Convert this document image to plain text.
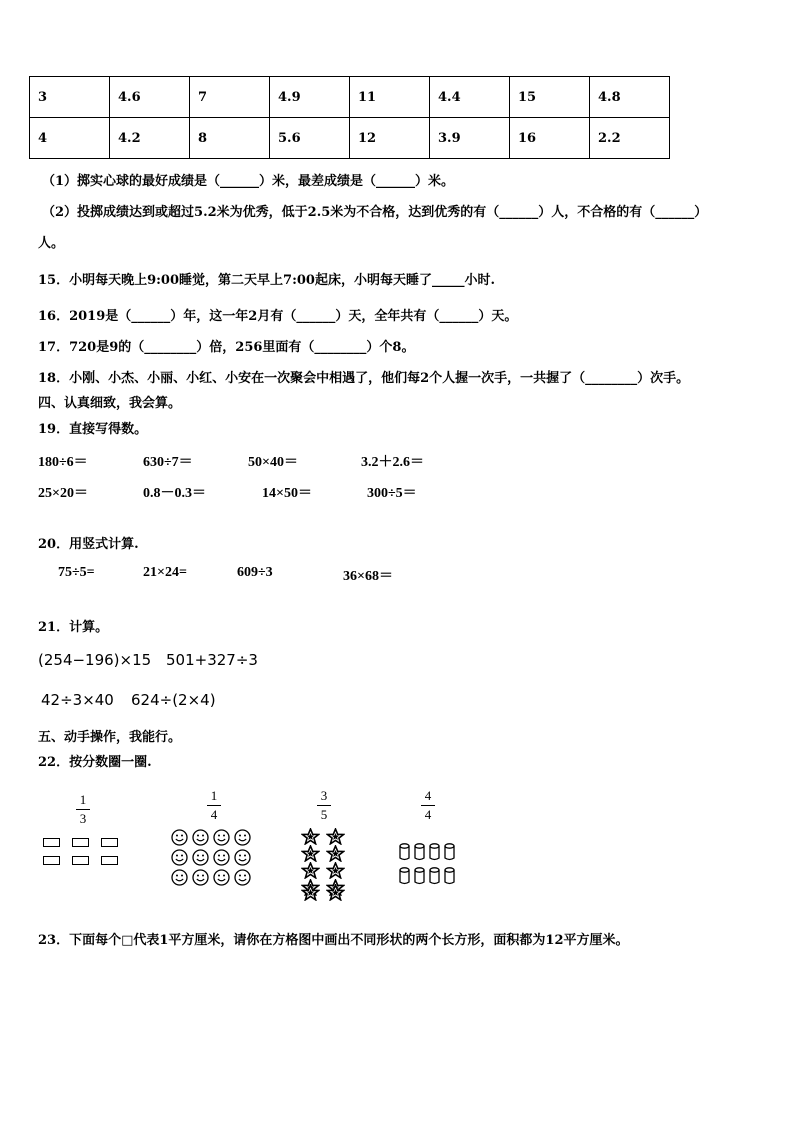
3	4.6	7	4.9	11	4.4	15	4.8
4	4.2	8	5.6	12	3.9	16	2.2
（1）掷实心球的最好成绩是（______）米，最差成绩是（______）米。
（2）投掷成绩达到或超过5.2米为优秀，低于2.5米为不合格，达到优秀的有（______）人，不合格的有（______）
人。
15．小明每天晚上9:00睡觉，第二天早上7:00起床，小明每天睡了_____小时.
16．2019是（______）年，这一年2月有（______）天，全年共有（______）天。
17．720是9的（________）倍，256里面有（________）个8。
18．小刚、小杰、小丽、小红、小安在一次聚会中相遇了，他们每2个人握一次手，一共握了（________）次手。
四、认真细致，我会算。
19．直接写得数。
180÷6＝	630÷7＝	50×40＝	3.2＋2.6＝
25×20＝	0.8－0.3＝	14×50＝	300÷5＝
20．用竖式计算.
75÷5=	21×24=	609÷3	36×68＝
21．计算。
(254−196)×15 501+327÷3
42÷3×40 624÷(2×4)
五、动手操作，我能行。
22．按分数圈一圈.
1
3
1
4
3
5
4
4
23．下面每个□代表1平方厘米，请你在方格图中画出不同形状的两个长方形，面积都为12平方厘米。
